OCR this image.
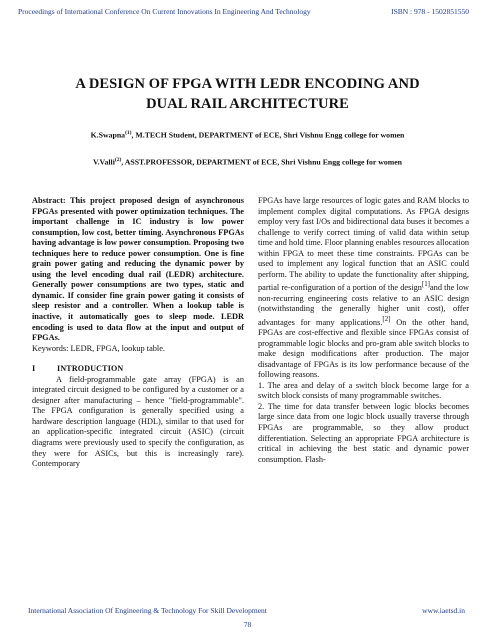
Proceedings of International Conference On Current Innovations In Engineering And Technology	ISBN : 978 - 1502851550
A DESIGN OF FPGA WITH LEDR ENCODING AND
DUAL RAIL ARCHITECTURE
K.Swapna$^{(1)}$, M.TECH Student, DEPARTMENT of ECE, Shri Vishnu Engg college for women
V.Valli$^{(2)}$, ASST.PROFESSOR, DEPARTMENT of ECE, Shri Vishnu Engg college for women

Abstract: This project proposed design of asynchronous FPGAs presented with power optimization techniques. The important challenge in IC industry is low power consumption, low cost, better timing. Asynchronous FPGAs having advantage is low power consumption. Proposing two techniques here to reduce power consumption. One is fine grain power gating and reducing the dynamic power by using the level encoding dual rail (LEDR) architecture. Generally power consumptions are two types, static and dynamic. If consider fine grain power gating it consists of sleep resistor and a controller. When a lookup table is inactive, it automatically goes to sleep mode. LEDR encoding is used to data flow at the input and output of FPGAs.

Keywords: LEDR, FPGA, lookup table.

I	INTRODUCTION

A field-programmable gate array (FPGA) is an integrated circuit designed to be configured by a customer or a designer after manufacturing – hence "field-programmable". The FPGA configuration is generally specified using a hardware description language (HDL), similar to that used for an application-specific integrated circuit (ASIC) (circuit diagrams were previously used to specify the configuration, as they were for ASICs, but this is increasingly rare). Contemporary

FPGAs have large resources of logic gates and RAM blocks to implement complex digital computations. As FPGA designs employ very fast I/Os and bidirectional data buses it becomes a challenge to verify correct timing of valid data within setup time and hold time. Floor planning enables resources allocation within FPGA to meet these time constraints. FPGAs can be used to implement any logical function that an ASIC could perform. The ability to update the functionality after shipping, partial re-configuration of a portion of the design[1]and the low non-recurring engineering costs relative to an ASIC design (notwithstanding the generally higher unit cost), offer advantages for many applications.[2] On the other hand, FPGAs are cost-effective and flexible since FPGAs consist of programmable logic blocks and pro-gram able switch blocks to make design modifications after production. The major disadvantage of FPGAs is its low performance because of the following reasons.

1. The area and delay of a switch block become large for a switch block consists of many programmable switches.

2. The time for data transfer between logic blocks becomes large since data from one logic block usually traverse through FPGAs are programmable, so they allow product differentiation. Selecting an appropriate FPGA architecture is critical in achieving the best static and dynamic power consumption. Flash-

International Association Of Engineering & Technology For Skill Development	www.iaetsd.in
78
